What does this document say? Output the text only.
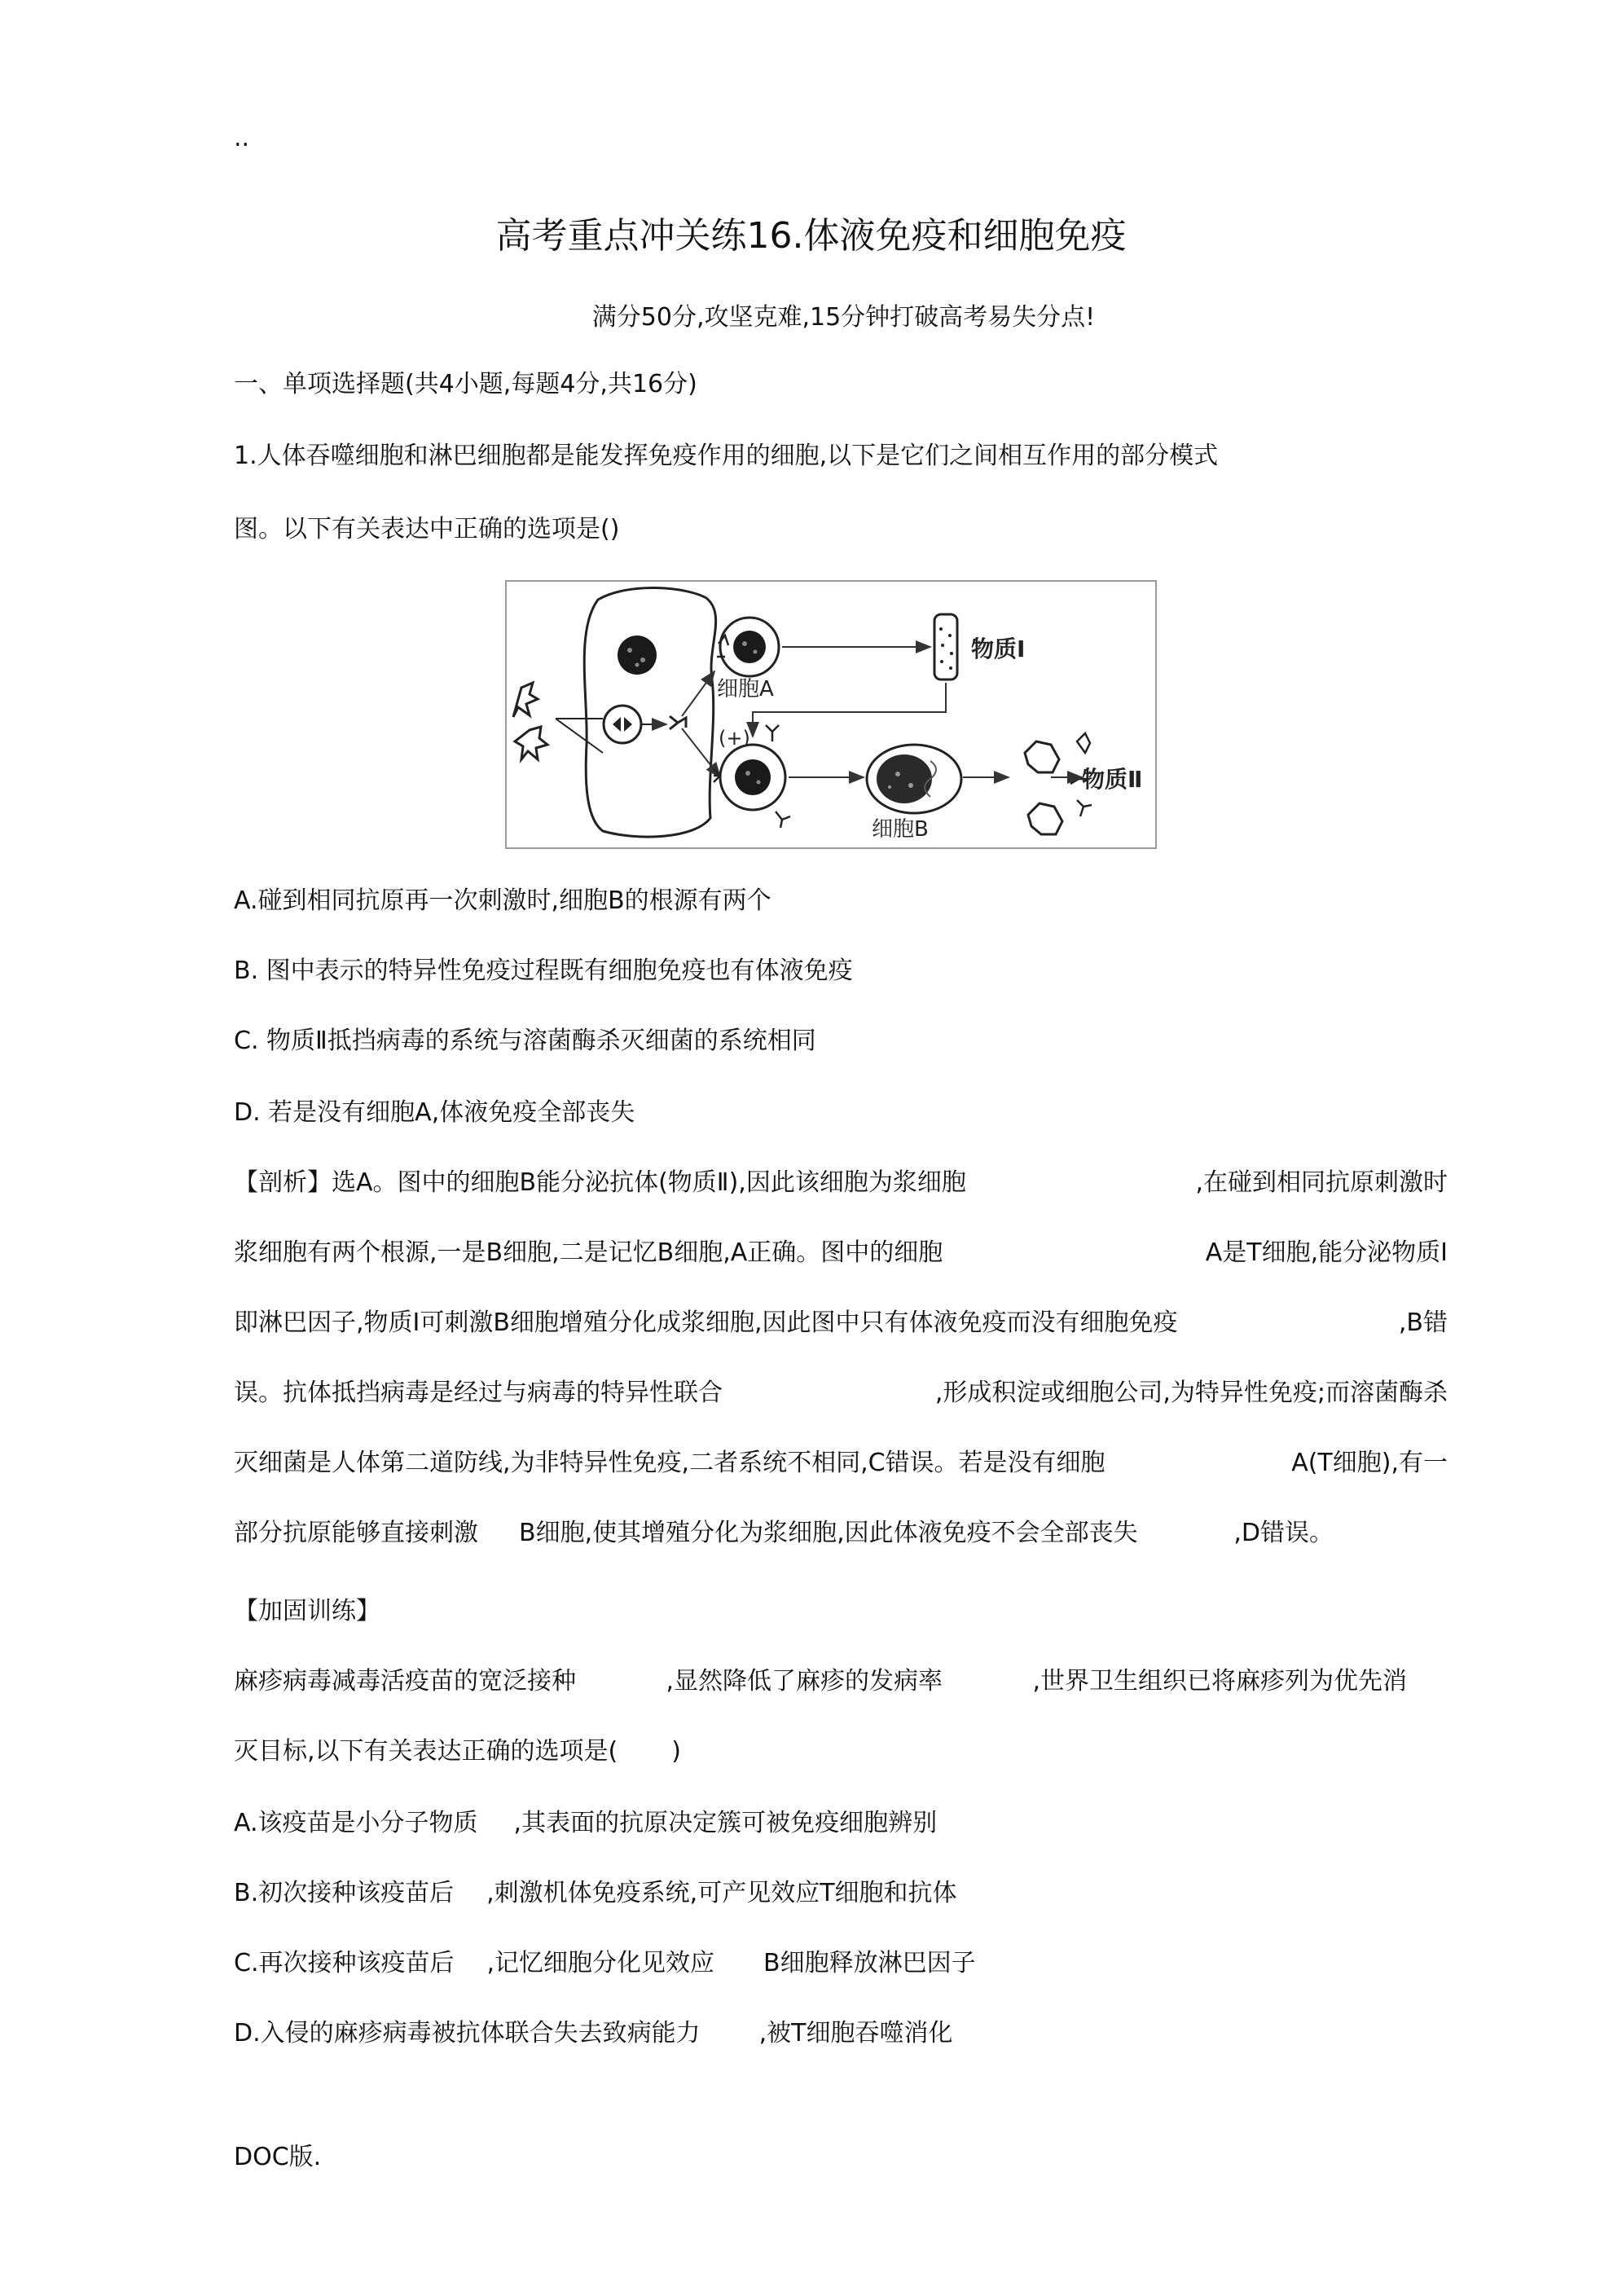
..
高考重点冲关练16.体液免疫和细胞免疫
满分50分,攻坚克难,15分钟打破高考易失分点!
一、单项选择题(共4小题,每题4分,共16分)
1.人体吞噬细胞和淋巴细胞都是能发挥免疫作用的细胞,以下是它们之间相互作用的部分模式
图。以下有关表达中正确的选项是()
细胞A
物质Ⅰ
(+)
细胞B
物质Ⅱ
A.碰到相同抗原再一次刺激时,细胞B的根源有两个
B. 图中表示的特异性免疫过程既有细胞免疫也有体液免疫
C. 物质Ⅱ抵挡病毒的系统与溶菌酶杀灭细菌的系统相同
D. 若是没有细胞A,体液免疫全部丧失
【剖析】选A。图中的细胞B能分泌抗体(物质Ⅱ),因此该细胞为浆细胞	,在碰到相同抗原刺激时
浆细胞有两个根源,一是B细胞,二是记忆B细胞,A正确。图中的细胞	A是T细胞,能分泌物质Ⅰ
即淋巴因子,物质Ⅰ可刺激B细胞增殖分化成浆细胞,因此图中只有体液免疫而没有细胞免疫	,B错
误。抗体抵挡病毒是经过与病毒的特异性联合	,形成积淀或细胞公司,为特异性免疫;而溶菌酶杀
灭细菌是人体第二道防线,为非特异性免疫,二者系统不相同,C错误。若是没有细胞	A(T细胞),有一
部分抗原能够直接刺激 B细胞,使其增殖分化为浆细胞,因此体液免疫不会全部丧失	,D错误。
【加固训练】
麻疹病毒减毒活疫苗的宽泛接种	,显然降低了麻疹的发病率	,世界卫生组织已将麻疹列为优先消
灭目标,以下有关表达正确的选项是( )
A.该疫苗是小分子物质 ,其表面的抗原决定簇可被免疫细胞辨别
B.初次接种该疫苗后 ,刺激机体免疫系统,可产见效应T细胞和抗体
C.再次接种该疫苗后 ,记忆细胞分化见效应 B细胞释放淋巴因子
D.入侵的麻疹病毒被抗体联合失去致病能力 ,被T细胞吞噬消化
DOC版.
